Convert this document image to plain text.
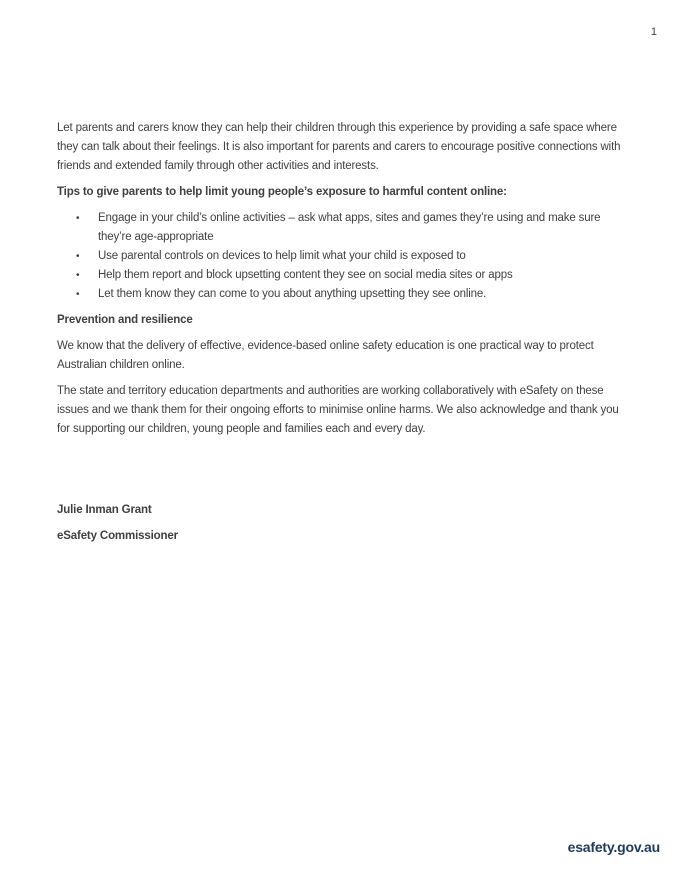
1

Let parents and carers know they can help their children through this experience by providing a safe space where they can talk about their feelings. It is also important for parents and carers to encourage positive connections with friends and extended family through other activities and interests.

Tips to give parents to help limit young people’s exposure to harmful content online:

• Engage in your child’s online activities – ask what apps, sites and games they’re using and make sure they’re age-appropriate
• Use parental controls on devices to help limit what your child is exposed to
• Help them report and block upsetting content they see on social media sites or apps
• Let them know they can come to you about anything upsetting they see online.

Prevention and resilience

We know that the delivery of effective, evidence-based online safety education is one practical way to protect Australian children online.

The state and territory education departments and authorities are working collaboratively with eSafety on these issues and we thank them for their ongoing efforts to minimise online harms. We also acknowledge and thank you for supporting our children, young people and families each and every day.

Julie Inman Grant

eSafety Commissioner

esafety.gov.au
